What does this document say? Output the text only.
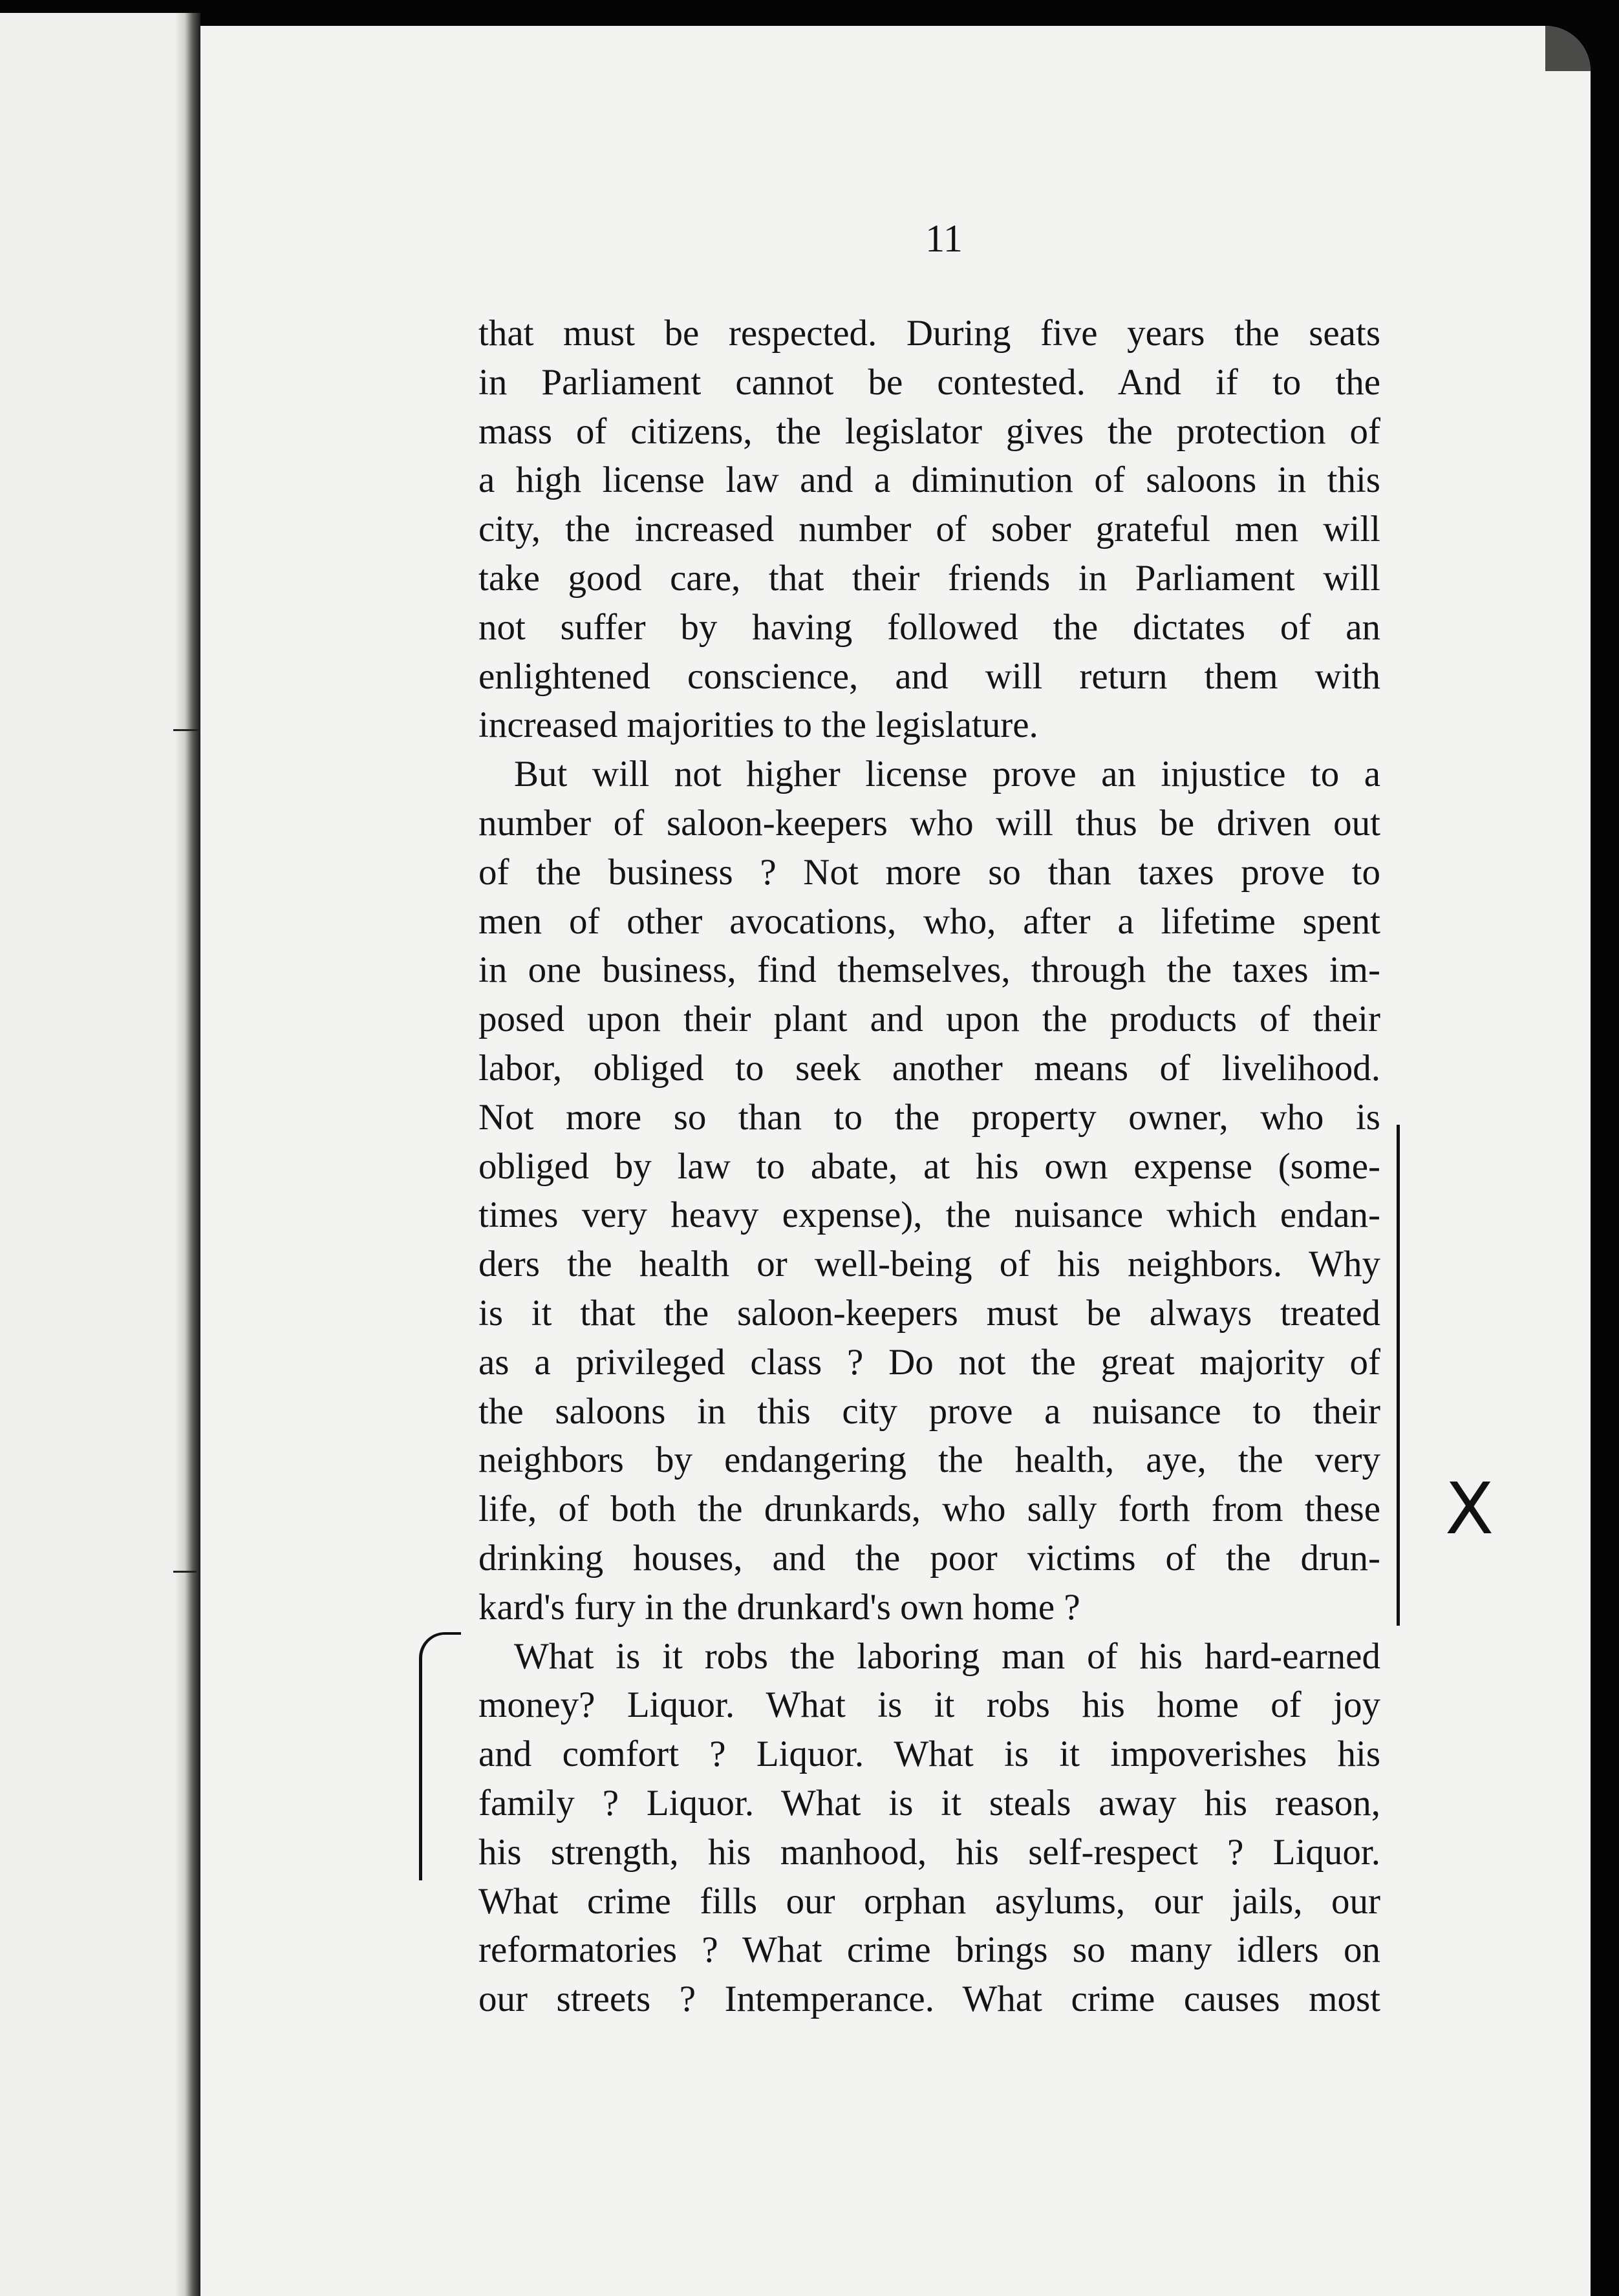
11
that must be respected. During five years the seats
in Parliament cannot be contested. And if to the
mass of citizens, the legislator gives the protection of
a high license law and a diminution of saloons in this
city, the increased number of sober grateful men will
take good care, that their friends in Parliament will
not suffer by having followed the dictates of an
enlightened conscience, and will return them with
increased majorities to the legislature.
But will not higher license prove an injustice to a
number of saloon-keepers who will thus be driven out
of the business ? Not more so than taxes prove to
men of other avocations, who, after a lifetime spent
in one business, find themselves, through the taxes im-
posed upon their plant and upon the products of their
labor, obliged to seek another means of livelihood.
Not more so than to the property owner, who is
obliged by law to abate, at his own expense (some-
times very heavy expense), the nuisance which endan-
ders the health or well-being of his neighbors. Why
is it that the saloon-keepers must be always treated
as a privileged class ? Do not the great majority of
the saloons in this city prove a nuisance to their
neighbors by endangering the health, aye, the very
life, of both the drunkards, who sally forth from these
drinking houses, and the poor victims of the drun-
kard's fury in the drunkard's own home ?
What is it robs the laboring man of his hard-earned
money? Liquor. What is it robs his home of joy
and comfort ? Liquor. What is it impoverishes his
family ? Liquor. What is it steals away his reason,
his strength, his manhood, his self-respect ? Liquor.
What crime fills our orphan asylums, our jails, our
reformatories ? What crime brings so many idlers on
our streets ? Intemperance. What crime causes most
X
